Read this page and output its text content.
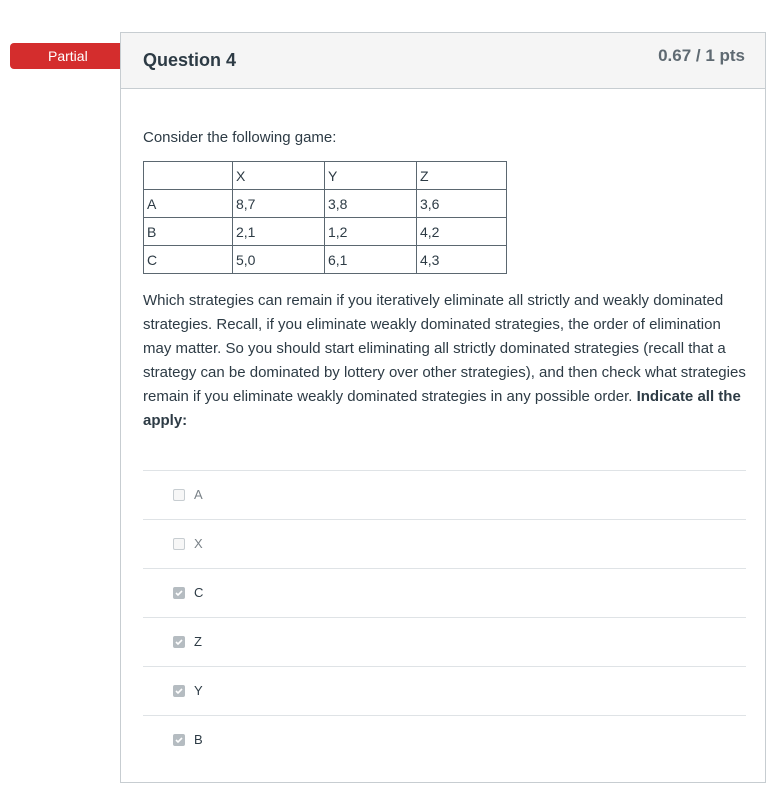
Partial	Question 4	0.67 / 1 pts
Consider the following game:
	X	Y	Z
A	8,7	3,8	3,6
B	2,1	1,2	4,2
C	5,0	6,1	4,3
Which strategies can remain if you iteratively eliminate all strictly and weakly dominated strategies. Recall, if you eliminate weakly dominated strategies, the order of elimination may matter. So you should start eliminating all strictly dominated strategies (recall that a strategy can be dominated by lottery over other strategies), and then check what strategies remain if you eliminate weakly dominated strategies in any possible order. Indicate all the apply:
A
X
C
Z
Y
B
